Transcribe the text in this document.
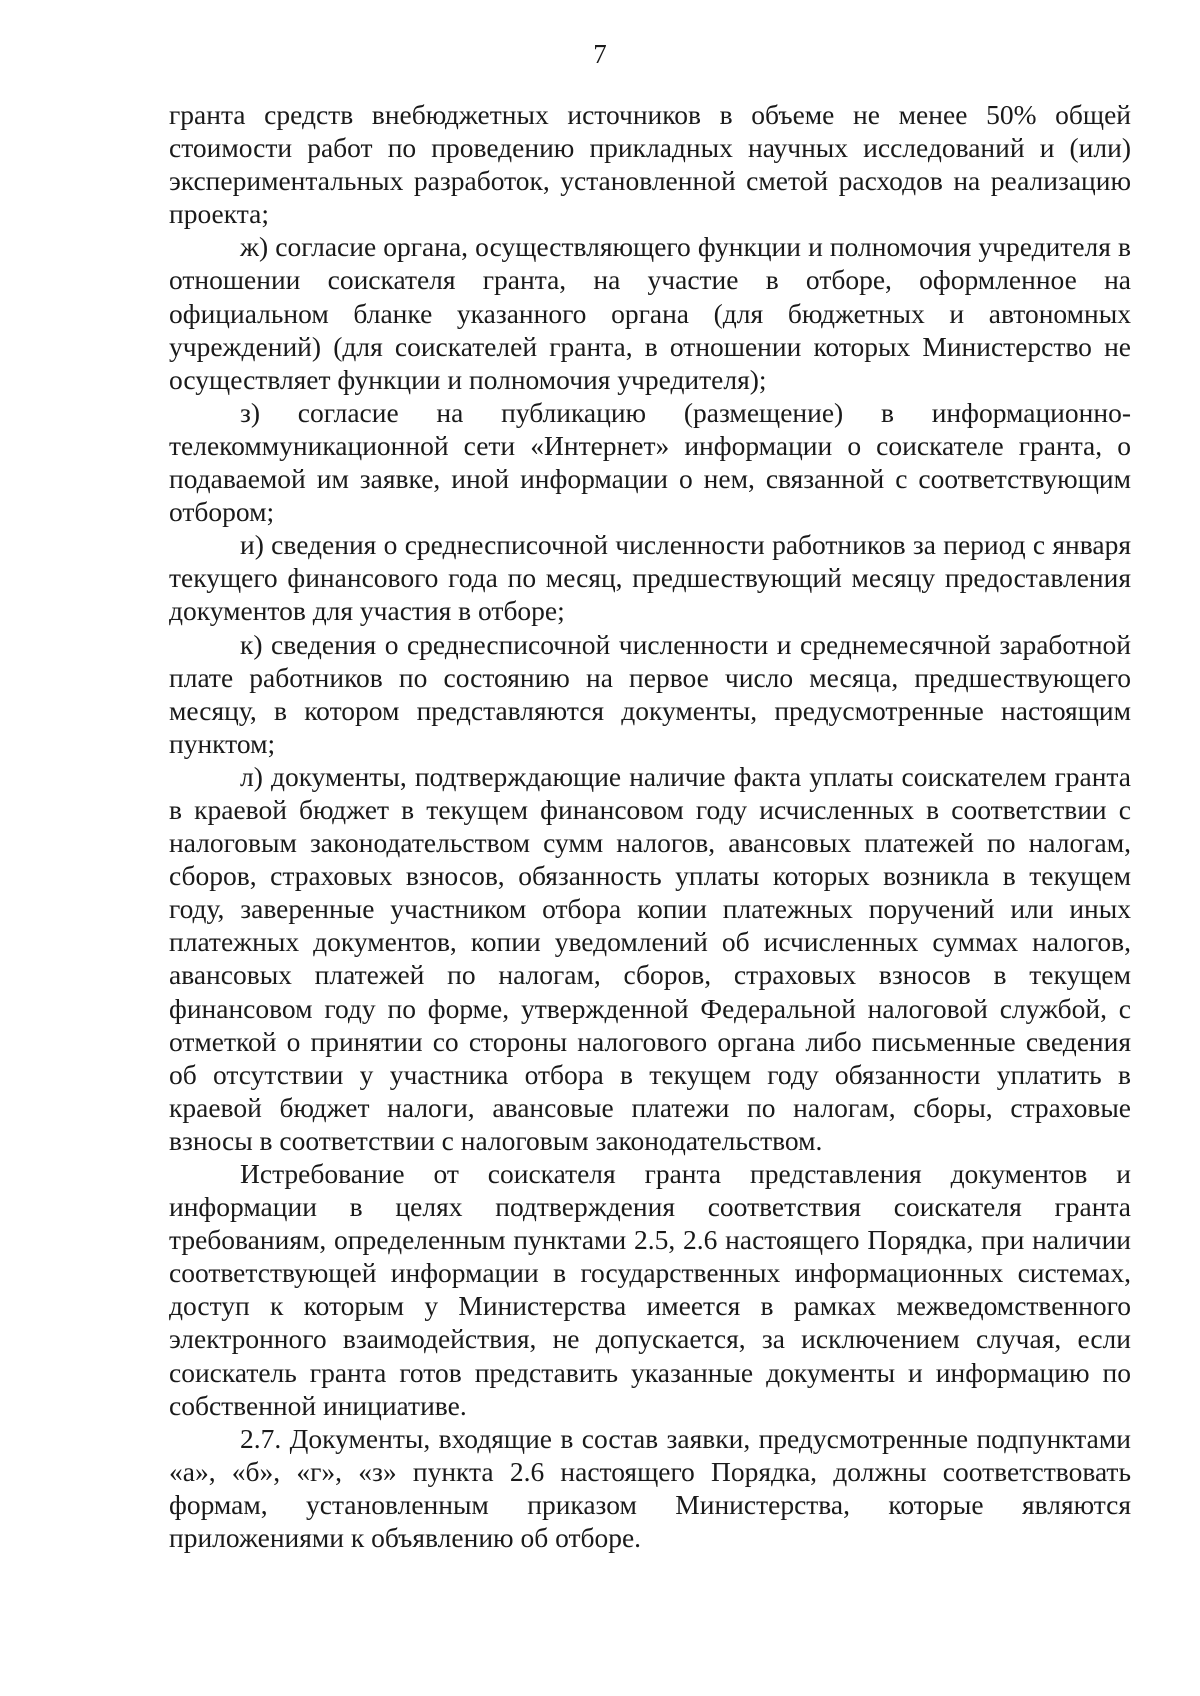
7

гранта средств внебюджетных источников в объеме не менее 50% общей стоимости работ по проведению прикладных научных исследований и (или) экспериментальных разработок, установленной сметой расходов на реализацию проекта;

ж) согласие органа, осуществляющего функции и полномочия учредителя в отношении соискателя гранта, на участие в отборе, оформленное на официальном бланке указанного органа (для бюджетных и автономных учреждений) (для соискателей гранта, в отношении которых Министерство не осуществляет функции и полномочия учредителя);

з) согласие на публикацию (размещение) в информационно-телекоммуникационной сети «Интернет» информации о соискателе гранта, о подаваемой им заявке, иной информации о нем, связанной с соответствующим отбором;

и) сведения о среднесписочной численности работников за период с января текущего финансового года по месяц, предшествующий месяцу предоставления документов для участия в отборе;

к) сведения о среднесписочной численности и среднемесячной заработной плате работников по состоянию на первое число месяца, предшествующего месяцу, в котором представляются документы, предусмотренные настоящим пунктом;

л) документы, подтверждающие наличие факта уплаты соискателем гранта в краевой бюджет в текущем финансовом году исчисленных в соответствии с налоговым законодательством сумм налогов, авансовых платежей по налогам, сборов, страховых взносов, обязанность уплаты которых возникла в текущем году, заверенные участником отбора копии платежных поручений или иных платежных документов, копии уведомлений об исчисленных суммах налогов, авансовых платежей по налогам, сборов, страховых взносов в текущем финансовом году по форме, утвержденной Федеральной налоговой службой, с отметкой о принятии со стороны налогового органа либо письменные сведения об отсутствии у участника отбора в текущем году обязанности уплатить в краевой бюджет налоги, авансовые платежи по налогам, сборы, страховые взносы в соответствии с налоговым законодательством.

Истребование от соискателя гранта представления документов и информации в целях подтверждения соответствия соискателя гранта требованиям, определенным пунктами 2.5, 2.6 настоящего Порядка, при наличии соответствующей информации в государственных информационных системах, доступ к которым у Министерства имеется в рамках межведомственного электронного взаимодействия, не допускается, за исключением случая, если соискатель гранта готов представить указанные документы и информацию по собственной инициативе.

2.7. Документы, входящие в состав заявки, предусмотренные подпунктами «а», «б», «г», «з» пункта 2.6 настоящего Порядка, должны соответствовать формам, установленным приказом Министерства, которые являются приложениями к объявлению об отборе.
